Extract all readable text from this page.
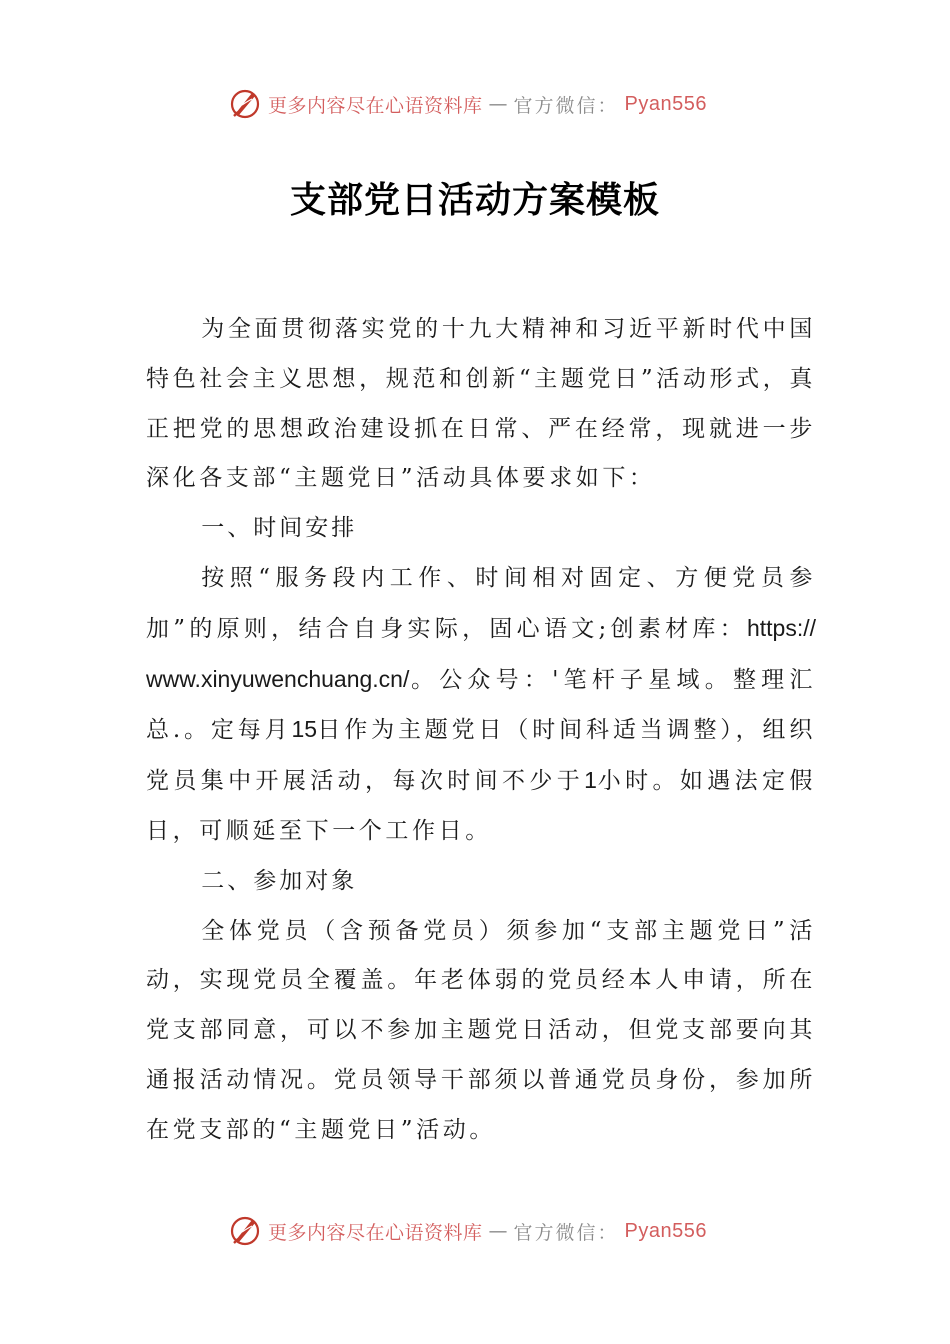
更多内容尽在心语资料库 — 官方微信： Pyan556
支部党日活动方案模板

为全面贯彻落实党的十九大精神和习近平新时代中国特色社会主义思想，规范和创新“主题党日”活动形式，真正把党的思想政治建设抓在日常、严在经常，现就进一步深化各支部“主题党日”活动具体要求如下：

一、时间安排

按照“服务段内工作、时间相对固定、方便党员参加”的原则，结合自身实际，固心语文;创素材库：https://www.xinyuwenchuang.cn/。公众号：'笔杆子星域。整理汇总.。定每月15日作为主题党日（时间科适当调整），组织党员集中开展活动，每次时间不少于1小时。如遇法定假日，可顺延至下一个工作日。

二、参加对象

全体党员（含预备党员）须参加“支部主题党日”活动，实现党员全覆盖。年老体弱的党员经本人申请，所在党支部同意，可以不参加主题党日活动，但党支部要向其通报活动情况。党员领导干部须以普通党员身份，参加所在党支部的“主题党日”活动。

更多内容尽在心语资料库 — 官方微信： Pyan556
